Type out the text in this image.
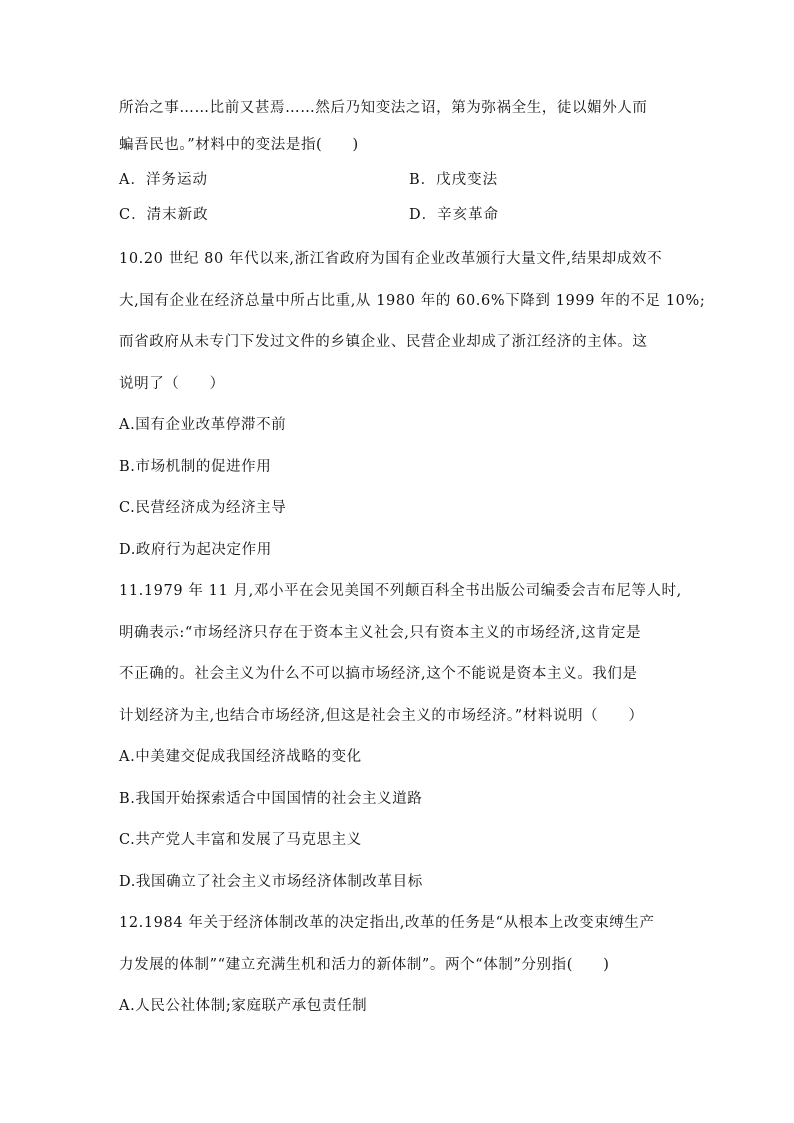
所治之事……比前又甚焉……然后乃知变法之诏，第为弥祸全生，徒以媚外人而
蝙吾民也。”材料中的变法是指(　　)
A．洋务运动	B．戊戌变法
C．清末新政	D．辛亥革命
10.20 世纪 80 年代以来,浙江省政府为国有企业改革颁行大量文件,结果却成效不
大,国有企业在经济总量中所占比重,从 1980 年的 60.6%下降到 1999 年的不足 10%;
而省政府从未专门下发过文件的乡镇企业、民营企业却成了浙江经济的主体。这
说明了（　　）
A.国有企业改革停滞不前
B.市场机制的促进作用
C.民营经济成为经济主导
D.政府行为起决定作用
11.1979 年 11 月,邓小平在会见美国不列颠百科全书出版公司编委会吉布尼等人时,
明确表示:“市场经济只存在于资本主义社会,只有资本主义的市场经济,这肯定是
不正确的。社会主义为什么不可以搞市场经济,这个不能说是资本主义。我们是
计划经济为主,也结合市场经济,但这是社会主义的市场经济。”材料说明（　　）
A.中美建交促成我国经济战略的变化
B.我国开始探索适合中国国情的社会主义道路
C.共产党人丰富和发展了马克思主义
D.我国确立了社会主义市场经济体制改革目标
12.1984 年关于经济体制改革的决定指出,改革的任务是“从根本上改变束缚生产
力发展的体制”“建立充满生机和活力的新体制”。两个“体制”分别指(　　)
A.人民公社体制;家庭联产承包责任制
